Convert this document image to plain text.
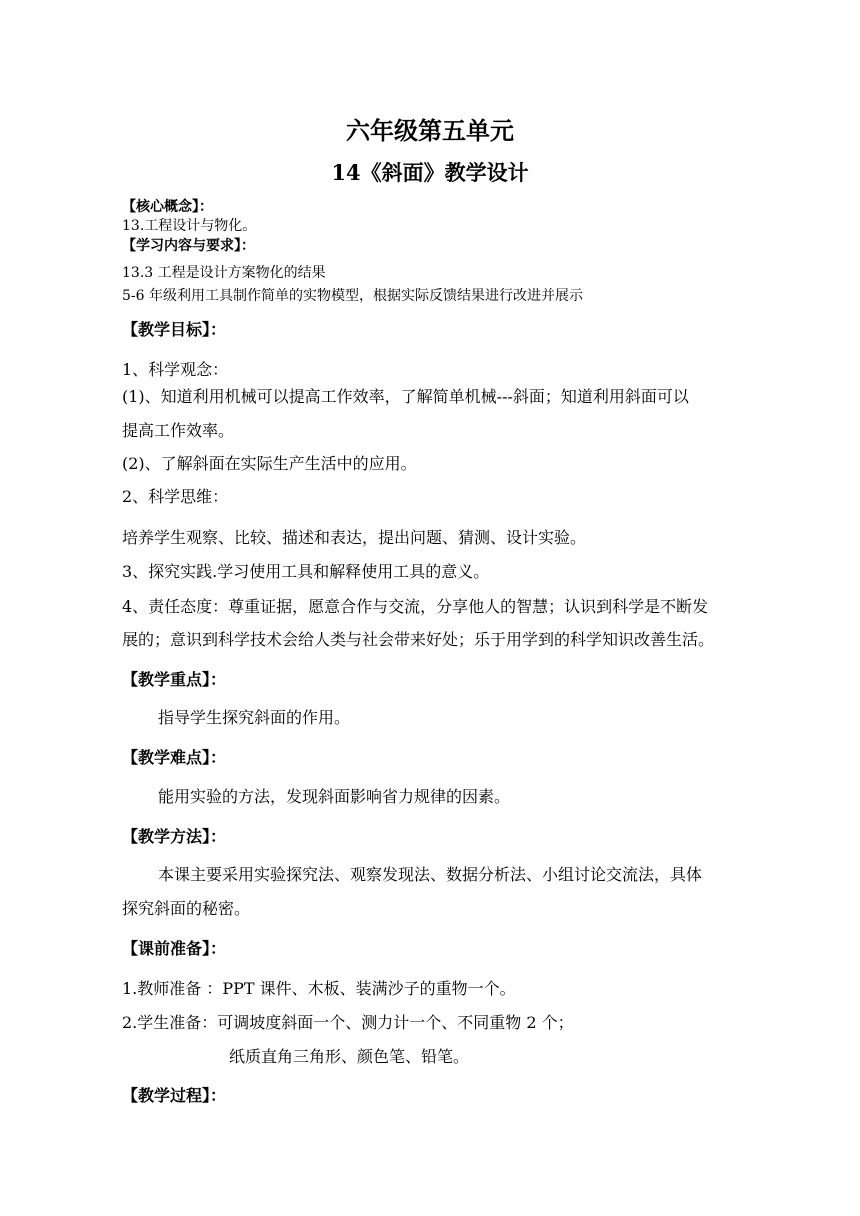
六年级第五单元
14《斜面》教学设计
【核心概念】：
13.工程设计与物化。
【学习内容与要求】：
13.3 工程是设计方案物化的结果
5-6 年级利用工具制作简单的实物模型，根据实际反馈结果进行改进并展示
【教学目标】：
1、科学观念：
(1)、知道利用机械可以提高工作效率，了解简单机械---斜面；知道利用斜面可以
提高工作效率。
(2)、了解斜面在实际生产生活中的应用。
2、科学思维：
培养学生观察、比较、描述和表达，提出问题、猜测、设计实验。
3、探究实践.学习使用工具和解释使用工具的意义。
4、责任态度：尊重证据，愿意合作与交流，分享他人的智慧；认识到科学是不断发
展的；意识到科学技术会给人类与社会带来好处；乐于用学到的科学知识改善生活。
【教学重点】：
指导学生探究斜面的作用。
【教学难点】：
能用实验的方法，发现斜面影响省力规律的因素。
【教学方法】：
本课主要采用实验探究法、观察发现法、数据分析法、小组讨论交流法，具体
探究斜面的秘密。
【课前准备】：
1.教师准备 ：PPT 课件、木板、装满沙子的重物一个。
2.学生准备：可调坡度斜面一个、测力计一个、不同重物 2 个；
纸质直角三角形、颜色笔、铅笔。
【教学过程】：
